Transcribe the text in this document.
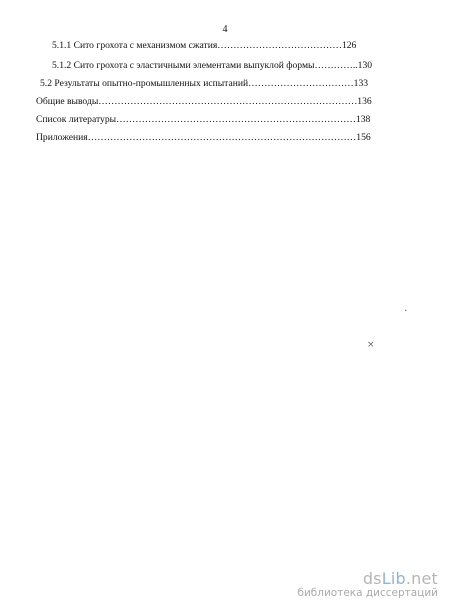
4
5.1.1 Сито грохота с механизмом сжатия…………………………………126
5.1.2 Сито грохота с эластичными элементами выпуклой формы…………..130
5.2 Результаты опытно-промышленных испытаний……………………………133
Общие выводы………………………………………………………………………136
Список литературы…………………………………………………………………138
Приложения…………………………………………………………………………156
.
×
dsLib.net
библиотека диссертаций
